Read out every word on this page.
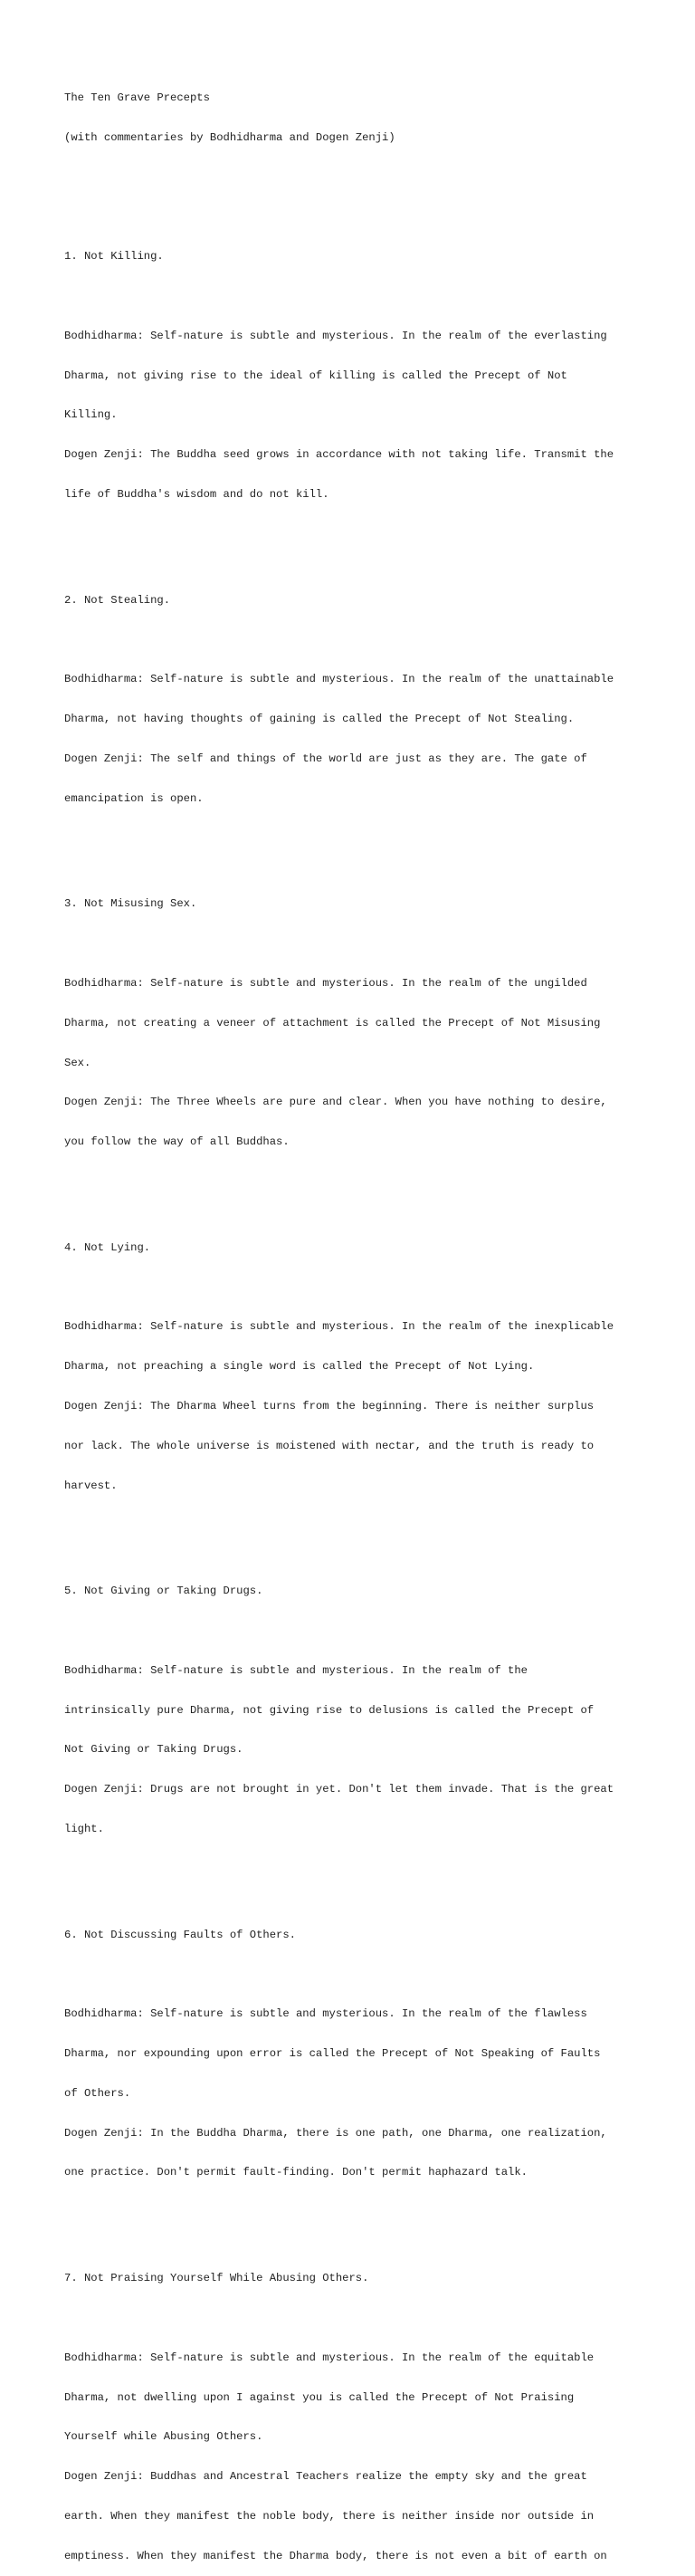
The Ten Grave Precepts

(with commentaries by Bodhidharma and Dogen Zenji)

1. Not Killing.

Bodhidharma: Self-nature is subtle and mysterious. In the realm of the everlasting

Dharma, not giving rise to the ideal of killing is called the Precept of Not

Killing.

Dogen Zenji: The Buddha seed grows in accordance with not taking life. Transmit the

life of Buddha's wisdom and do not kill.

2. Not Stealing.

Bodhidharma: Self-nature is subtle and mysterious. In the realm of the unattainable

Dharma, not having thoughts of gaining is called the Precept of Not Stealing.

Dogen Zenji: The self and things of the world are just as they are. The gate of

emancipation is open.

3. Not Misusing Sex.

Bodhidharma: Self-nature is subtle and mysterious. In the realm of the ungilded

Dharma, not creating a veneer of attachment is called the Precept of Not Misusing

Sex.

Dogen Zenji: The Three Wheels are pure and clear. When you have nothing to desire,

you follow the way of all Buddhas.

4. Not Lying.

Bodhidharma: Self-nature is subtle and mysterious. In the realm of the inexplicable

Dharma, not preaching a single word is called the Precept of Not Lying.

Dogen Zenji: The Dharma Wheel turns from the beginning. There is neither surplus

nor lack. The whole universe is moistened with nectar, and the truth is ready to

harvest.

5. Not Giving or Taking Drugs.

Bodhidharma: Self-nature is subtle and mysterious. In the realm of the

intrinsically pure Dharma, not giving rise to delusions is called the Precept of

Not Giving or Taking Drugs.

Dogen Zenji: Drugs are not brought in yet. Don't let them invade. That is the great

light.

6. Not Discussing Faults of Others.

Bodhidharma: Self-nature is subtle and mysterious. In the realm of the flawless

Dharma, nor expounding upon error is called the Precept of Not Speaking of Faults

of Others.

Dogen Zenji: In the Buddha Dharma, there is one path, one Dharma, one realization,

one practice. Don't permit fault-finding. Don't permit haphazard talk.

7. Not Praising Yourself While Abusing Others.

Bodhidharma: Self-nature is subtle and mysterious. In the realm of the equitable

Dharma, not dwelling upon I against you is called the Precept of Not Praising

Yourself while Abusing Others.

Dogen Zenji: Buddhas and Ancestral Teachers realize the empty sky and the great

earth. When they manifest the noble body, there is neither inside nor outside in

emptiness. When they manifest the Dharma body, there is not even a bit of earth on
